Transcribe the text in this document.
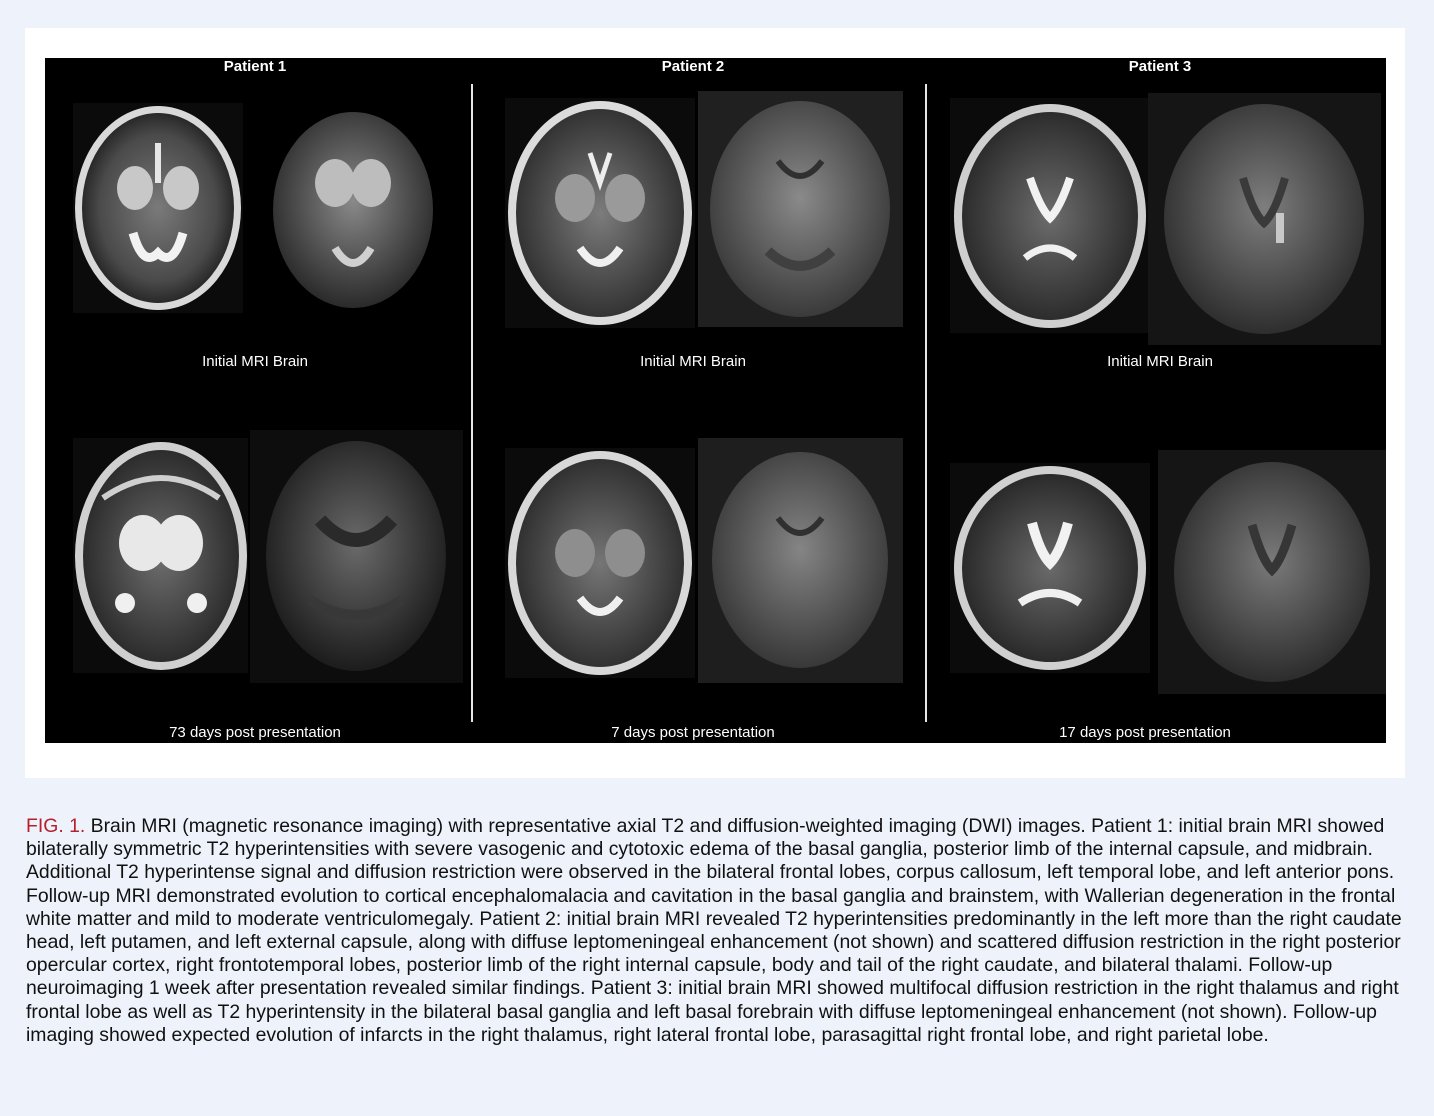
Patient 1	Patient 2	Patient 3
Initial MRI Brain
73 days post presentation
Initial MRI Brain
7 days post presentation
Initial MRI Brain
17 days post presentation
FIG. 1. Brain MRI (magnetic resonance imaging) with representative axial T2 and diffusion-weighted imaging (DWI) images. Patient 1: initial brain MRI showed bilaterally symmetric T2 hyperintensities with severe vasogenic and cytotoxic edema of the basal ganglia, posterior limb of the internal capsule, and midbrain. Additional T2 hyperintense signal and diffusion restriction were observed in the bilateral frontal lobes, corpus callosum, left temporal lobe, and left anterior pons. Follow-up MRI demonstrated evolution to cortical encephalomalacia and cavitation in the basal ganglia and brainstem, with Wallerian degeneration in the frontal white matter and mild to moderate ventriculomegaly. Patient 2: initial brain MRI revealed T2 hyperintensities predominantly in the left more than the right caudate head, left putamen, and left external capsule, along with diffuse leptomeningeal enhancement (not shown) and scattered diffusion restriction in the right posterior opercular cortex, right frontotemporal lobes, posterior limb of the right internal capsule, body and tail of the right caudate, and bilateral thalami. Follow-up neuroimaging 1 week after presentation revealed similar findings. Patient 3: initial brain MRI showed multifocal diffusion restriction in the right thalamus and right frontal lobe as well as T2 hyperintensity in the bilateral basal ganglia and left basal forebrain with diffuse leptomeningeal enhancement (not shown). Follow-up imaging showed expected evolution of infarcts in the right thalamus, right lateral frontal lobe, parasagittal right frontal lobe, and right parietal lobe.
